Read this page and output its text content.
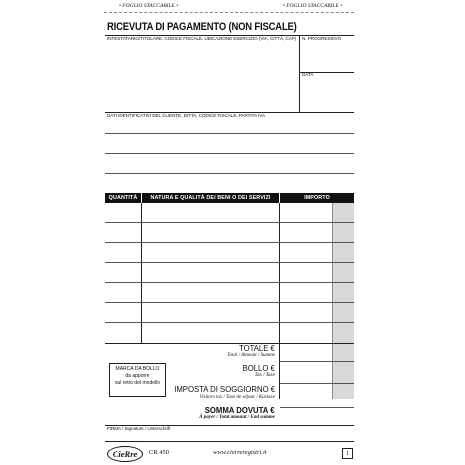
• FOGLIO STACCABILE •	• FOGLIO STACCABILE •
RICEVUTA DI PAGAMENTO (NON FISCALE)
INTESTATARIO/TITOLARE, CODICE FISCALE, UBICAZIONE ESERCIZIO (VIA, CITTÀ, CAP) N. PROGRESSIVO
DATA
DATI IDENTIFICATIVI DEL CLIENTE, DITTA, CODICE FISCALE, PARTITA IVA
QUANTITÀ	NATURA E QUALITÀ DEI BENI O DEI SERVIZI	IMPORTO
TOTALE €
Total / Amount / Summe
BOLLO €
Tax / Taxe
IMPOSTA DI SOGGIORNO €
Visitors tax / Taxe de séjour / Kurtaxe
SOMMA DOVUTA €
À payer / Total amount / End summe
MARCA DA BOLLO
da apporre
sul retro del modello
FIRMA / Signature / Unterschrift
CieRre	CR 450	www.cierreregistri.it	1
